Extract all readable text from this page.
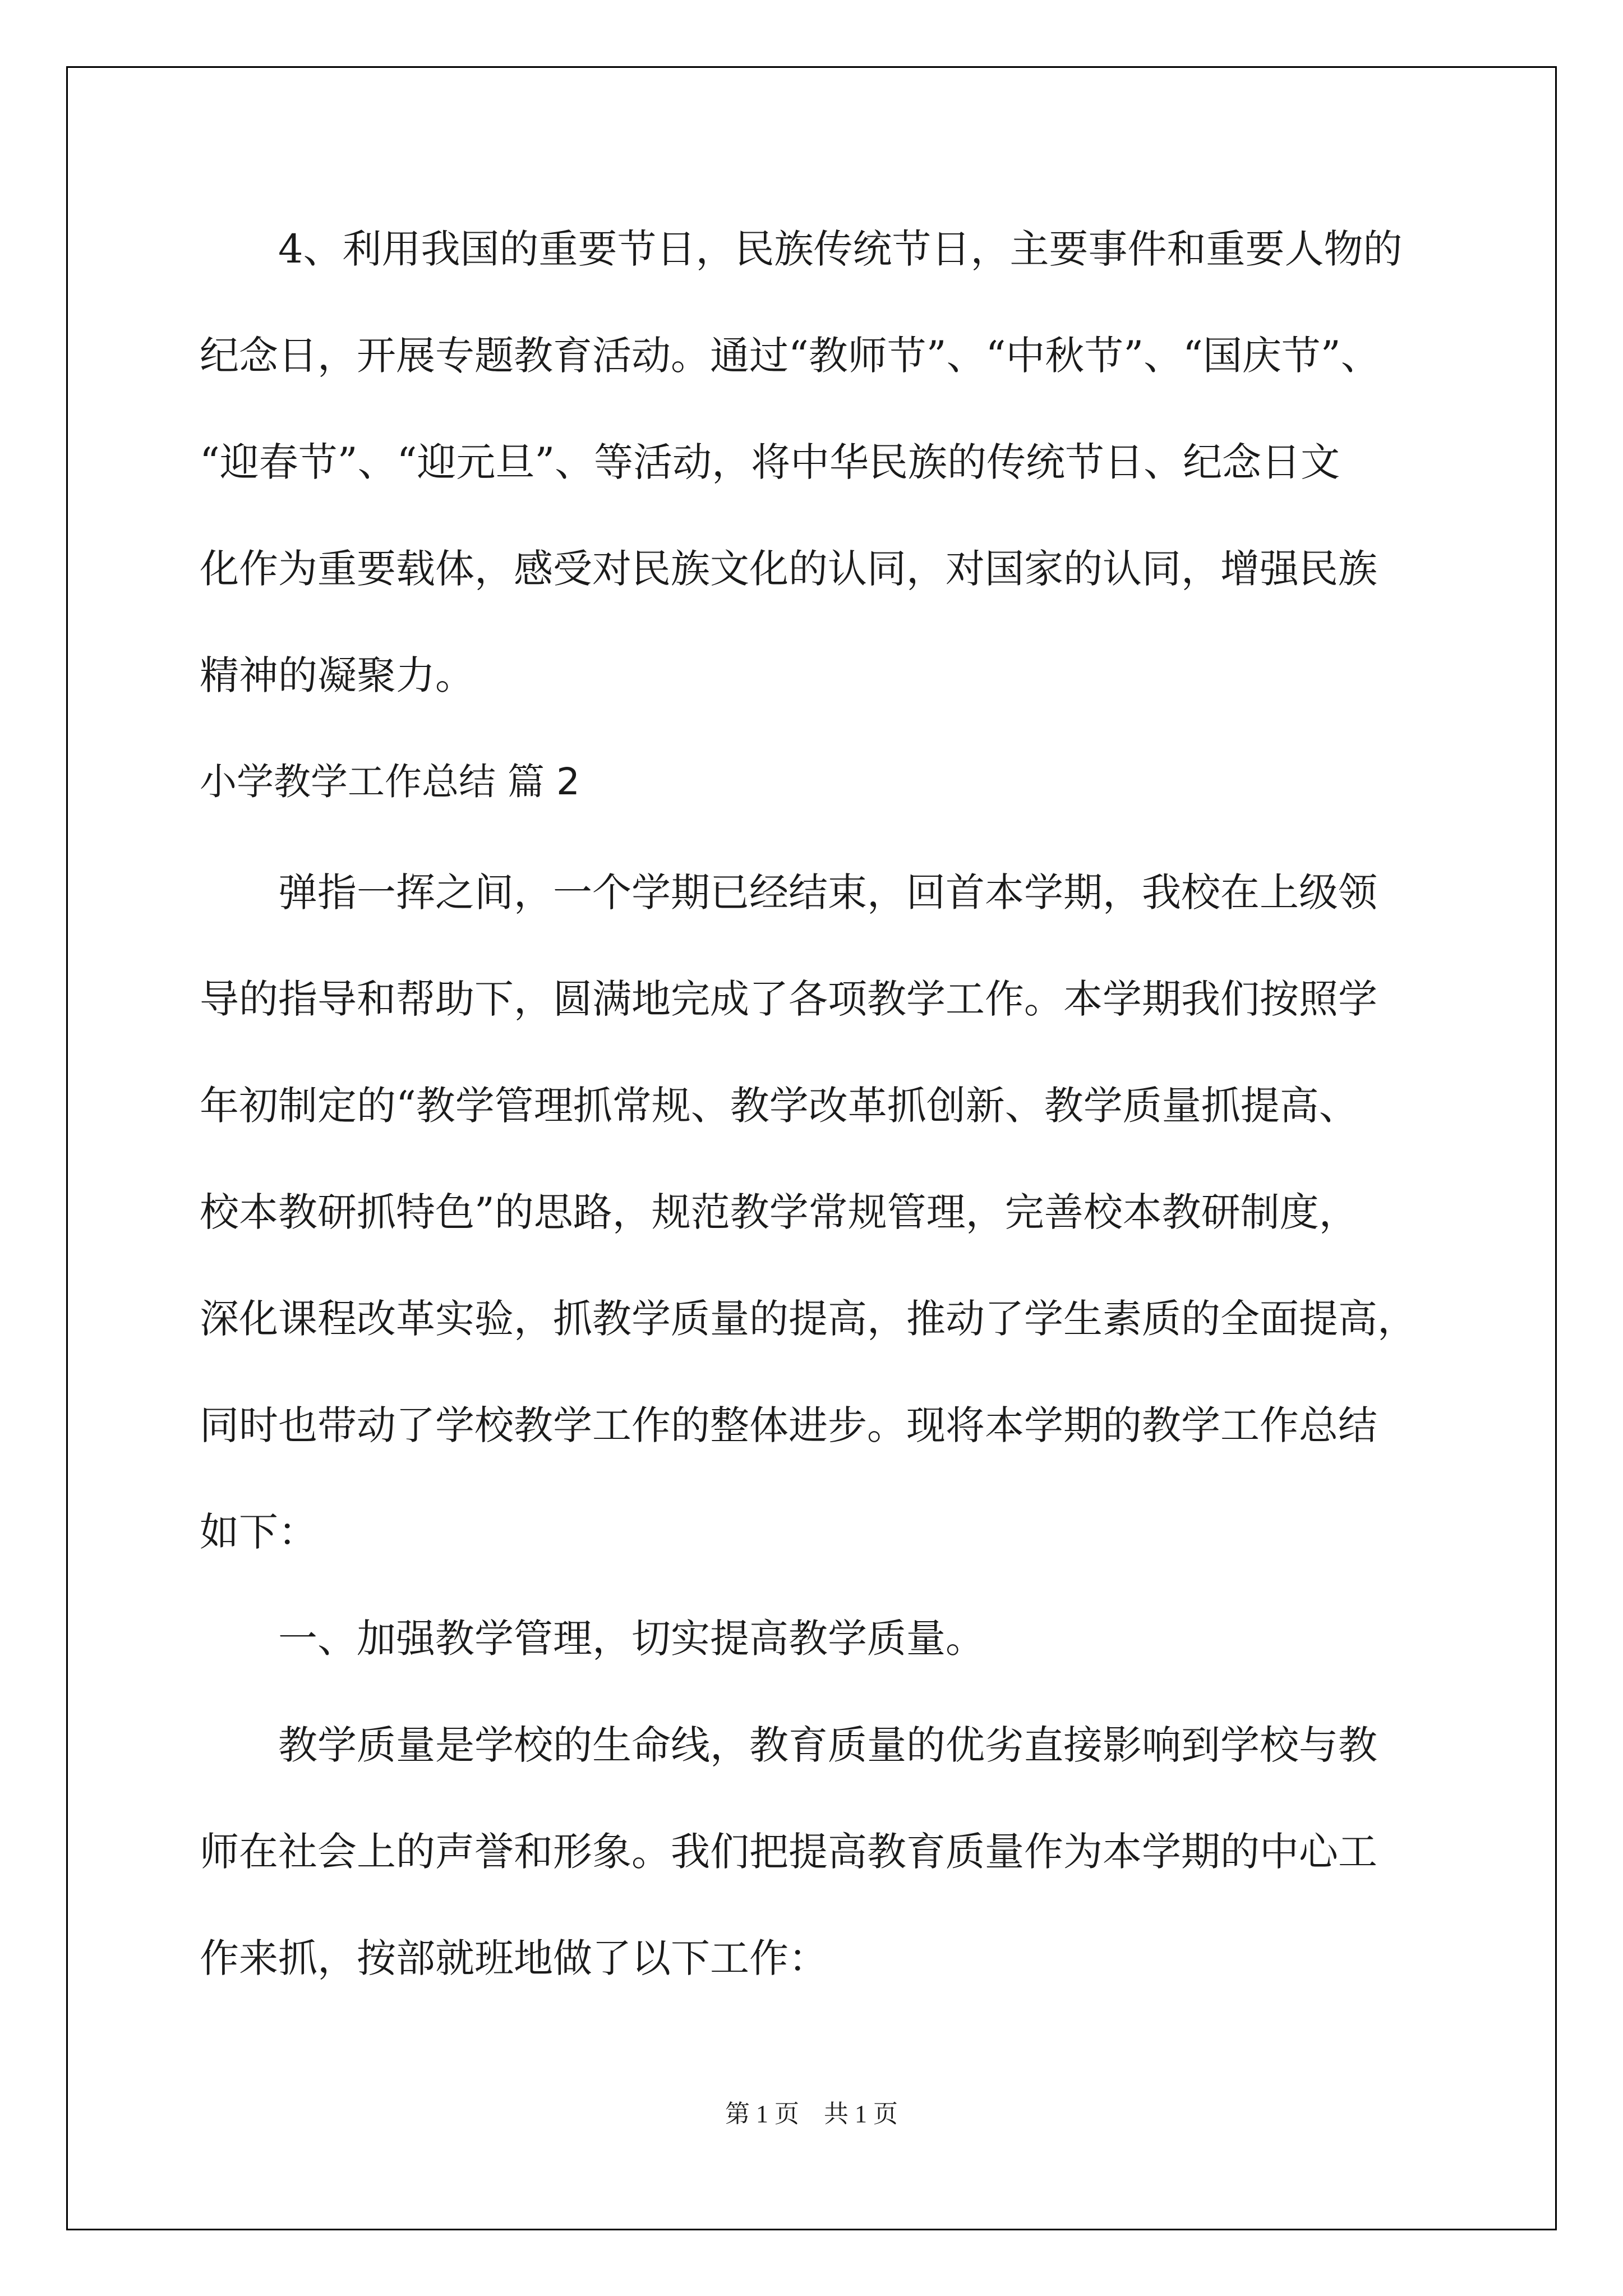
4、利用我国的重要节日，民族传统节日，主要事件和重要人物的

纪念日，开展专题教育活动。通过“教师节”、“中秋节”、“国庆节”、

“迎春节”、“迎元旦”、等活动，将中华民族的传统节日、纪念日文

化作为重要载体，感受对民族文化的认同，对国家的认同，增强民族

精神的凝聚力。

小学教学工作总结 篇 2

弹指一挥之间，一个学期已经结束，回首本学期，我校在上级领

导的指导和帮助下，圆满地完成了各项教学工作。本学期我们按照学

年初制定的“教学管理抓常规、教学改革抓创新、教学质量抓提高、

校本教研抓特色”的思路，规范教学常规管理，完善校本教研制度，

深化课程改革实验，抓教学质量的提高，推动了学生素质的全面提高，

同时也带动了学校教学工作的整体进步。现将本学期的教学工作总结

如下：

一、加强教学管理，切实提高教学质量。

教学质量是学校的生命线，教育质量的优劣直接影响到学校与教

师在社会上的声誉和形象。我们把提高教育质量作为本学期的中心工

作来抓，按部就班地做了以下工作：

第 1 页    共 1 页
